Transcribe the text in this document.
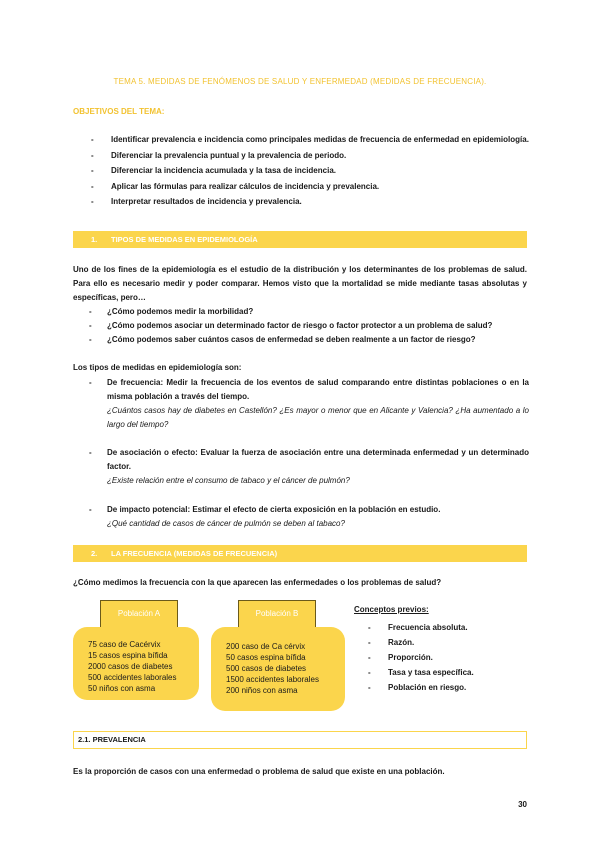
TEMA 5. MEDIDAS DE FENÓMENOS DE SALUD Y ENFERMEDAD (MEDIDAS DE FRECUENCIA).
OBJETIVOS DEL TEMA:
- Identificar prevalencia e incidencia como principales medidas de frecuencia de enfermedad en epidemiología.
- Diferenciar la prevalencia puntual y la prevalencia de periodo.
- Diferenciar la incidencia acumulada y la tasa de incidencia.
- Aplicar las fórmulas para realizar cálculos de incidencia y prevalencia.
- Interpretar resultados de incidencia y prevalencia.
1. TIPOS DE MEDIDAS EN EPIDEMIOLOGÍA
Uno de los fines de la epidemiología es el estudio de la distribución y los determinantes de los problemas de salud. Para ello es necesario medir y poder comparar. Hemos visto que la mortalidad se mide mediante tasas absolutas y específicas, pero…
- ¿Cómo podemos medir la morbilidad?
- ¿Cómo podemos asociar un determinado factor de riesgo o factor protector a un problema de salud?
- ¿Cómo podemos saber cuántos casos de enfermedad se deben realmente a un factor de riesgo?
Los tipos de medidas en epidemiología son:
- De frecuencia: Medir la frecuencia de los eventos de salud comparando entre distintas poblaciones o en la misma población a través del tiempo.
¿Cuántos casos hay de diabetes en Castellón? ¿Es mayor o menor que en Alicante y Valencia? ¿Ha aumentado a lo largo del tiempo?
- De asociación o efecto: Evaluar la fuerza de asociación entre una determinada enfermedad y un determinado factor.
¿Existe relación entre el consumo de tabaco y el cáncer de pulmón?
- De impacto potencial: Estimar el efecto de cierta exposición en la población en estudio.
¿Qué cantidad de casos de cáncer de pulmón se deben al tabaco?
2. LA FRECUENCIA (MEDIDAS DE FRECUENCIA)
¿Cómo medimos la frecuencia con la que aparecen las enfermedades o los problemas de salud?
Población A
75 caso de Cacérvix
15 casos espina bífida
2000 casos de diabetes
500 accidentes laborales
50 niños con asma
Población B
200 caso de Ca cérvix
50 casos espina bífida
500 casos de diabetes
1500 accidentes laborales
200 niños con asma
Conceptos previos:
- Frecuencia absoluta.
- Razón.
- Proporción.
- Tasa y tasa específica.
- Población en riesgo.
2.1. PREVALENCIA
Es la proporción de casos con una enfermedad o problema de salud que existe en una población.
30
